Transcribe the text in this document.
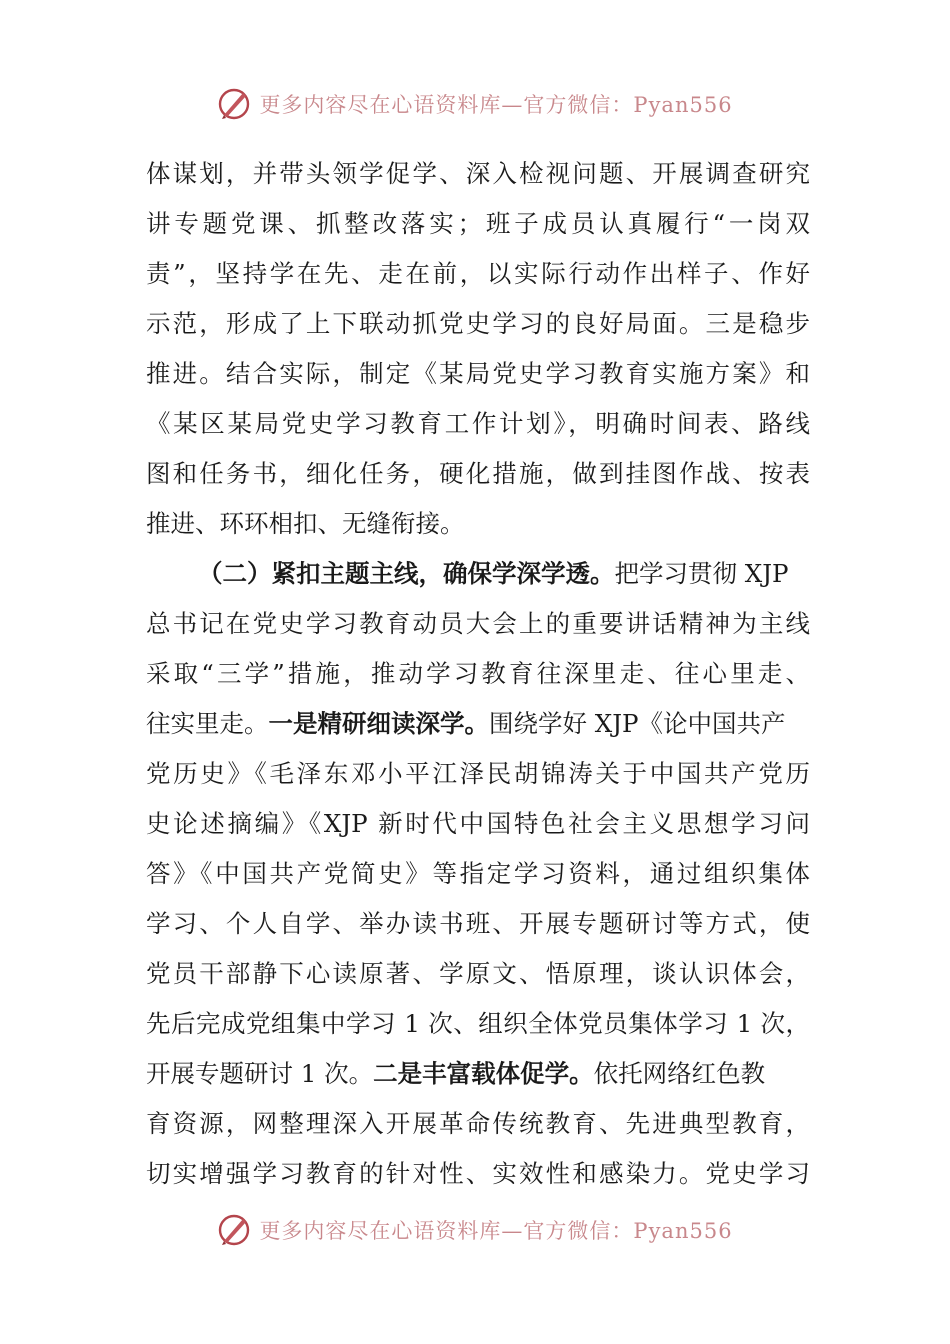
更多内容尽在心语资料库—官方微信：Pyan556
体谋划，并带头领学促学、深入检视问题、开展调查研究
讲专题党课、抓整改落实；班子成员认真履行“一岗双
责”，坚持学在先、走在前，以实际行动作出样子、作好
示范，形成了上下联动抓党史学习的良好局面。三是稳步
推进。结合实际，制定《某局党史学习教育实施方案》和
《某区某局党史学习教育工作计划》，明确时间表、路线
图和任务书，细化任务，硬化措施，做到挂图作战、按表
推进、环环相扣、无缝衔接。
（二）紧扣主题主线，确保学深学透。把学习贯彻 XJP
总书记在党史学习教育动员大会上的重要讲话精神为主线
采取“三学”措施，推动学习教育往深里走、往心里走、
往实里走。一是精研细读深学。围绕学好 XJP《论中国共产
党历史》《毛泽东邓小平江泽民胡锦涛关于中国共产党历
史论述摘编》《XJP 新时代中国特色社会主义思想学习问
答》《中国共产党简史》等指定学习资料，通过组织集体
学习、个人自学、举办读书班、开展专题研讨等方式，使
党员干部静下心读原著、学原文、悟原理，谈认识体会，
先后完成党组集中学习 1 次、组织全体党员集体学习 1 次，
开展专题研讨 1 次。二是丰富载体促学。依托网络红色教
育资源，网整理深入开展革命传统教育、先进典型教育，
切实增强学习教育的针对性、实效性和感染力。党史学习
更多内容尽在心语资料库—官方微信：Pyan556
